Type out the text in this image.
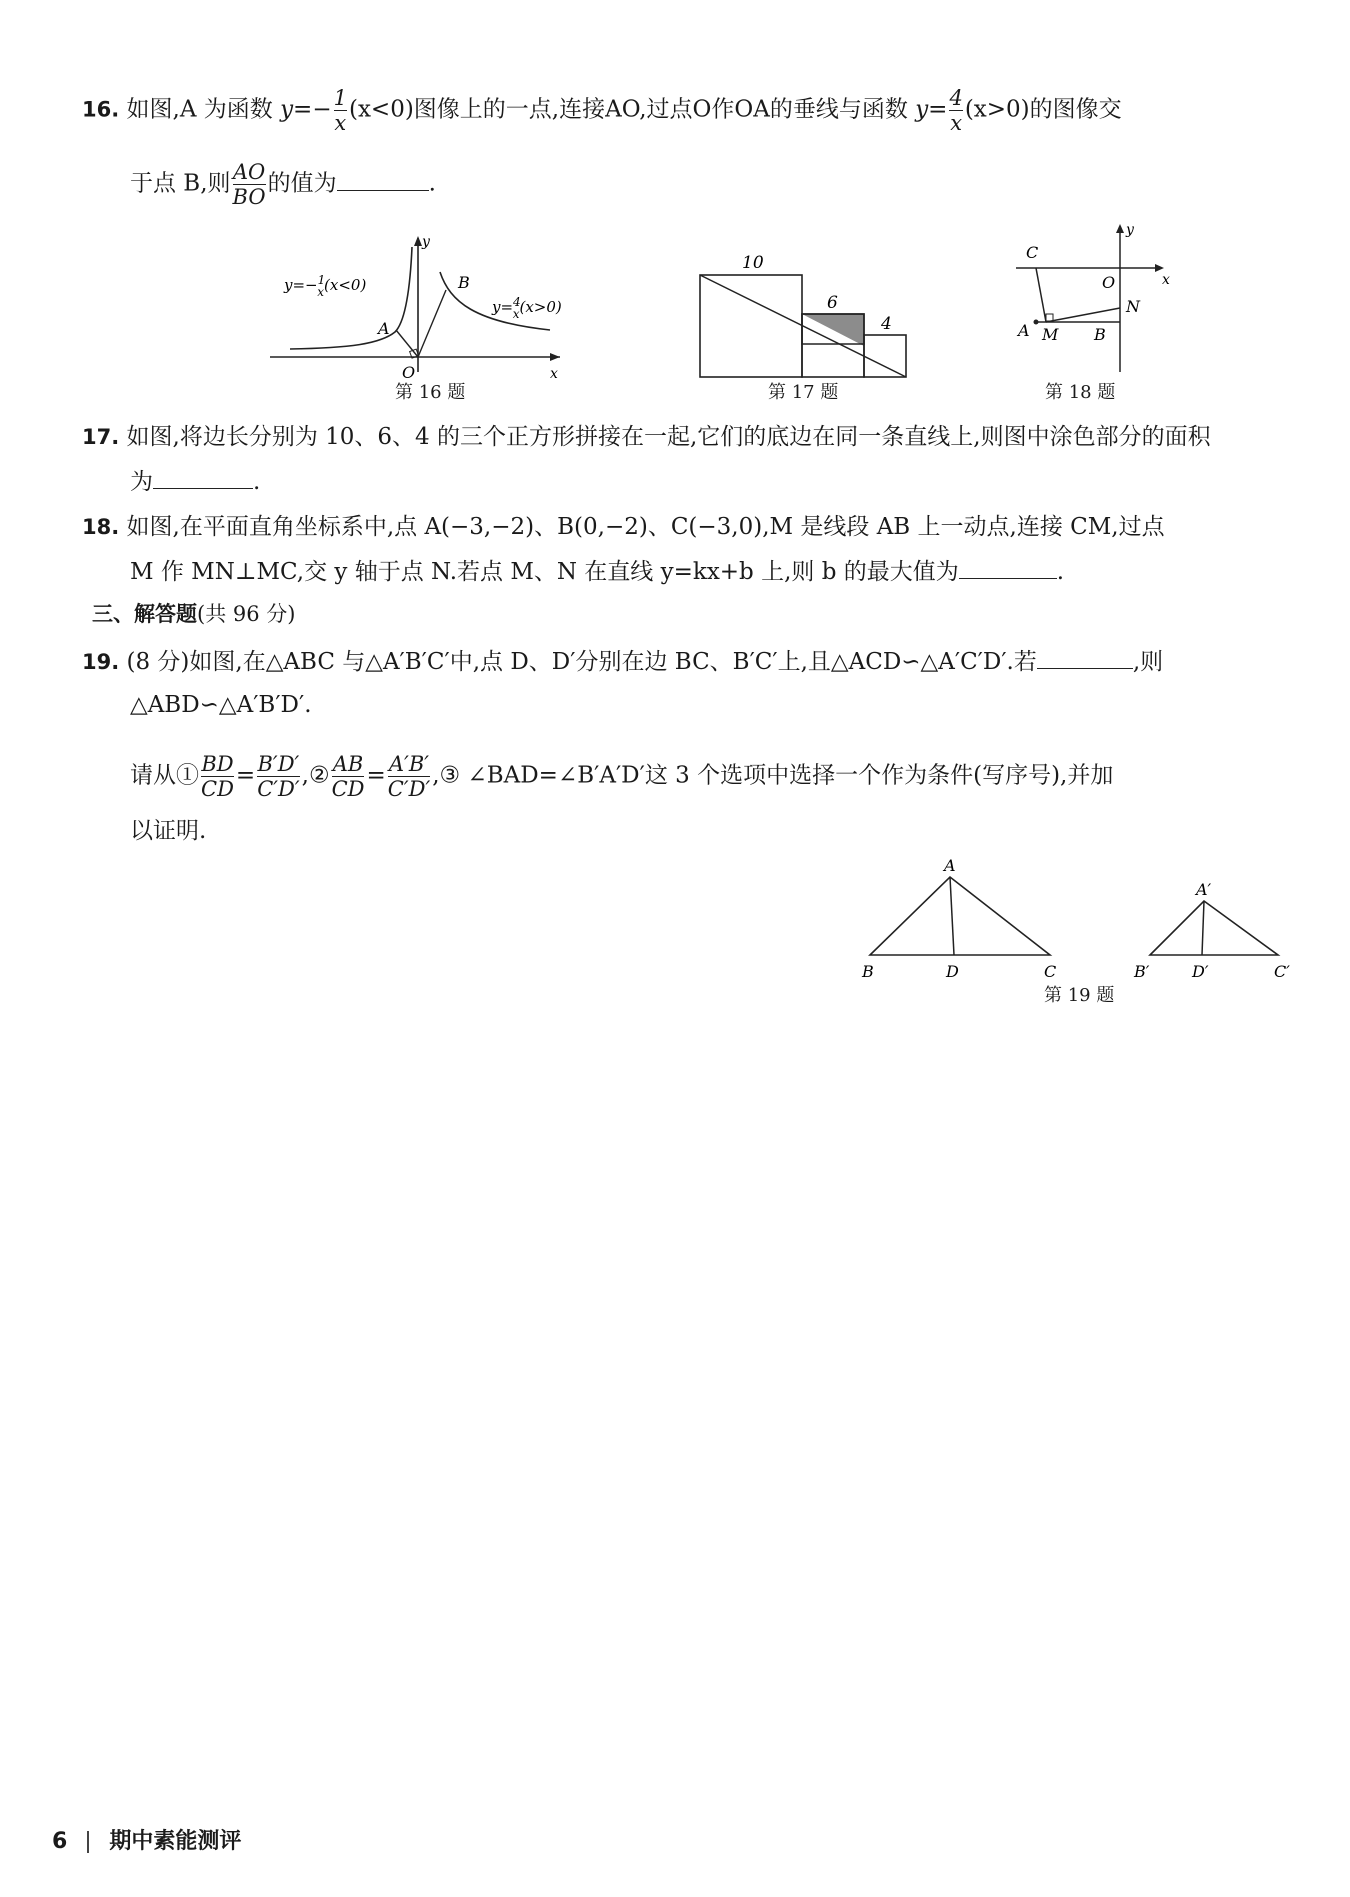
16. 如图,A 为函数 $y=- \frac{1}{x} (x<0)$图像上的一点,连接AO,过点O作OA的垂线与函数 $y= \frac{4}{x} (x>0)$的图像交
于点 B,则 $\frac{AO}{BO}$ 的值为	.
y=−$^1$ x(x<0)
y=$^4$ x(x>0)
y
x
A
B
O
第 16 题
10
6
4
第 17 题
y
x
C
O
N
A M B
第 18 题
17. 如图,将边长分别为 10、6、4 的三个正方形拼接在一起,它们的底边在同一条直线上,则图中涂色部分的面积
为	.
18. 如图,在平面直角坐标系中,点 A(−3,−2)、B(0,−2)、C(−3,0),M 是线段 AB 上一动点,连接 CM,过点
M 作 MN⊥MC,交 y 轴于点 N.若点 M、N 在直线 y=kx+b 上,则 b 的最大值为	.
三、解答题(共 96 分)
19. (8 分)如图,在△ABC 与△A′B′C′中,点 D、D′分别在边 BC、B′C′上,且△ACD∽△A′C′D′.若	,则
△ABD∽△A′B′D′.
请从① $\frac{BD}{CD} = \frac{B'D'}{C'D'}$ ,② $\frac{AB}{CD} = \frac{A'B'}{C'D'}$ ,③ ∠BAD=∠B′A′D′这 3 个选项中选择一个作为条件(写序号),并加
以证明.
A
B	D	C
A′
B′	D′	C′
第 19 题
6 期中素能测评
